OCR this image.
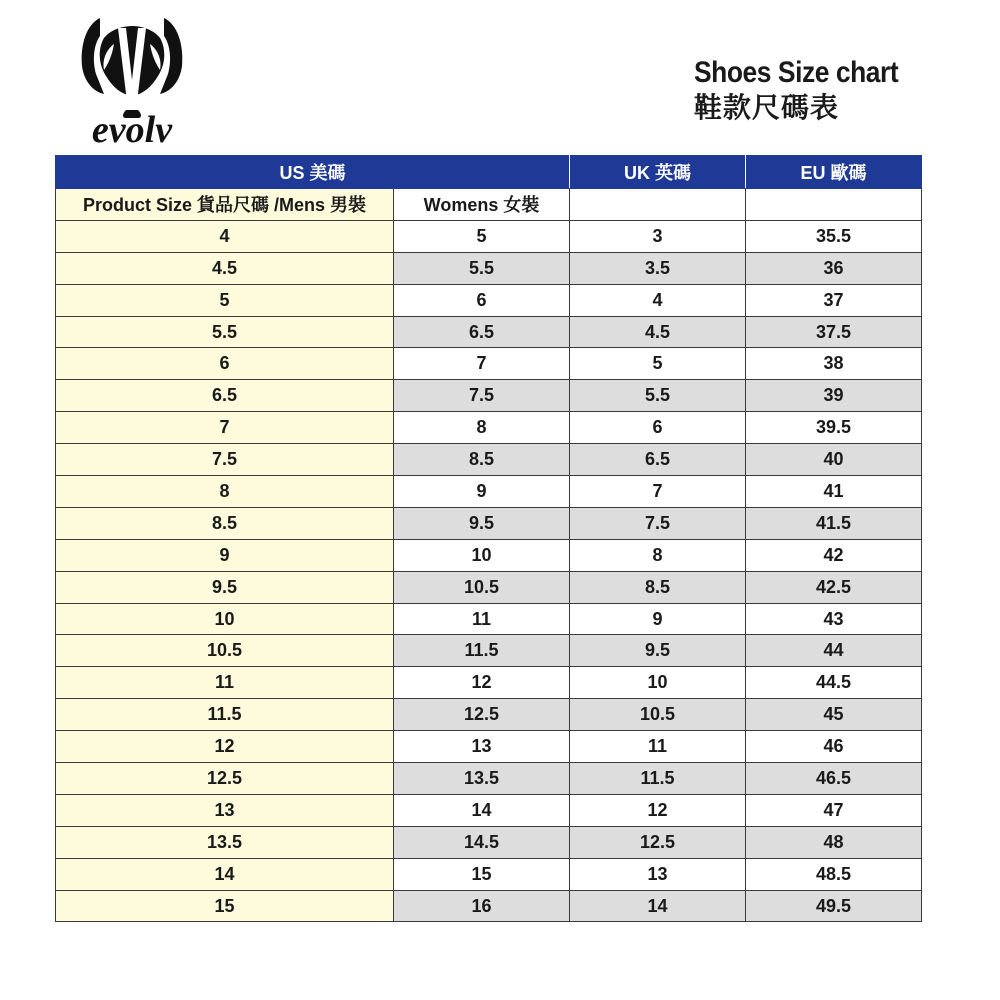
evolv
Shoes Size chart
鞋款尺碼表
US 美碼		UK 英碼	EU 歐碼
Product Size 貨品尺碼 /Mens 男裝	Womens 女裝		
4	5	3	35.5
4.5	5.5	3.5	36
5	6	4	37
5.5	6.5	4.5	37.5
6	7	5	38
6.5	7.5	5.5	39
7	8	6	39.5
7.5	8.5	6.5	40
8	9	7	41
8.5	9.5	7.5	41.5
9	10	8	42
9.5	10.5	8.5	42.5
10	11	9	43
10.5	11.5	9.5	44
11	12	10	44.5
11.5	12.5	10.5	45
12	13	11	46
12.5	13.5	11.5	46.5
13	14	12	47
13.5	14.5	12.5	48
14	15	13	48.5
15	16	14	49.5
